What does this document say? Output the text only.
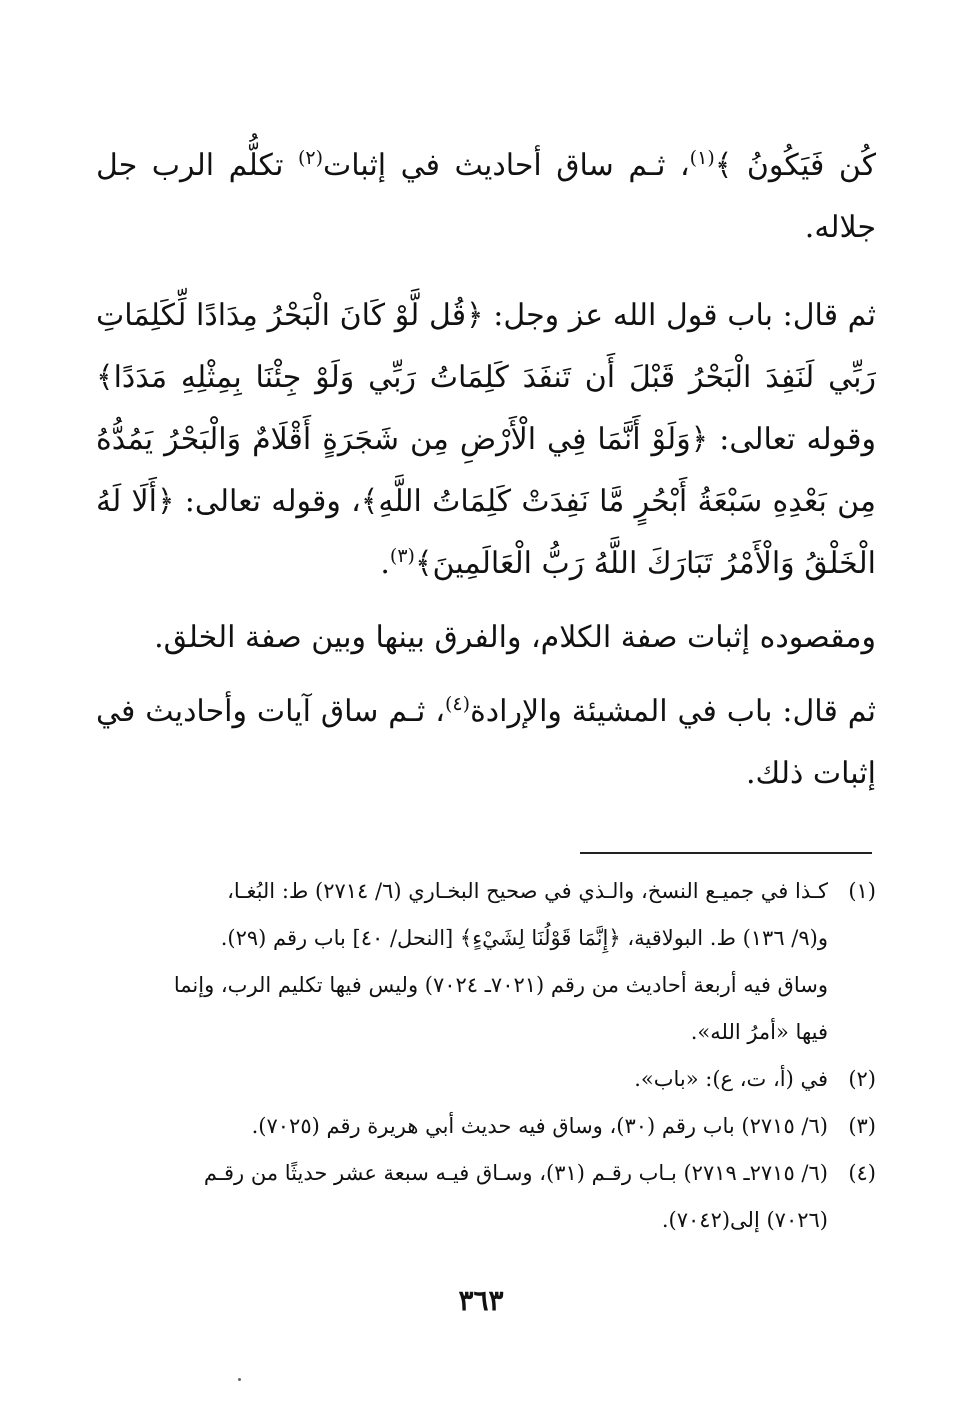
كُن فَيَكُونُ ﴾$^{(١)}$، ثـم ساق أحاديث في إثبات$^{(٢)}$ تكلُّم الرب جل جلاله.

ثم قال: باب قول الله عز وجل: ﴿قُل لَّوْ كَانَ الْبَحْرُ مِدَادًا لِّكَلِمَاتِ رَبِّي لَنَفِدَ الْبَحْرُ قَبْلَ أَن تَنفَدَ كَلِمَاتُ رَبِّي وَلَوْ جِئْنَا بِمِثْلِهِ مَدَدًا﴾ وقوله تعالى: ﴿وَلَوْ أَنَّمَا فِي الْأَرْضِ مِن شَجَرَةٍ أَقْلَامٌ وَالْبَحْرُ يَمُدُّهُ مِن بَعْدِهِ سَبْعَةُ أَبْحُرٍ مَّا نَفِدَتْ كَلِمَاتُ اللَّهِ﴾، وقوله تعالى: ﴿أَلَا لَهُ الْخَلْقُ وَالْأَمْرُ تَبَارَكَ اللَّهُ رَبُّ الْعَالَمِينَ﴾$^{(٣)}$.

ومقصوده إثبات صفة الكلام، والفرق بينها وبين صفة الخلق.

ثم قال: باب في المشيئة والإرادة$^{(٤)}$، ثـم ساق آيات وأحاديث في إثبات ذلك.

(١)
كـذا في جميـع النسخ، والـذي في صحيح البخـاري (٦/ ٢٧١٤) ط: البُغـا،
و(٩/ ١٣٦) ط. البولاقية، ﴿إِنَّمَا قَوْلُنَا لِشَيْءٍ﴾ [النحل/ ٤٠] باب رقم (٢٩).
وساق فيه أربعة أحاديث من رقم (٧٠٢١ـ ٧٠٢٤) وليس فيها تكليم الرب، وإنما
فيها «أمرُ الله».
(٢)
في (أ، ت، ع): «باب».
(٣)
(٦/ ٢٧١٥) باب رقم (٣٠)، وساق فيه حديث أبي هريرة رقم (٧٠٢٥).
(٤)
(٦/ ٢٧١٥ـ ٢٧١٩) بـاب رقـم (٣١)، وسـاق فيـه سبعة عشر حديثًا من رقـم
(٧٠٢٦) إلى(٧٠٤٢).
٣٦٣
